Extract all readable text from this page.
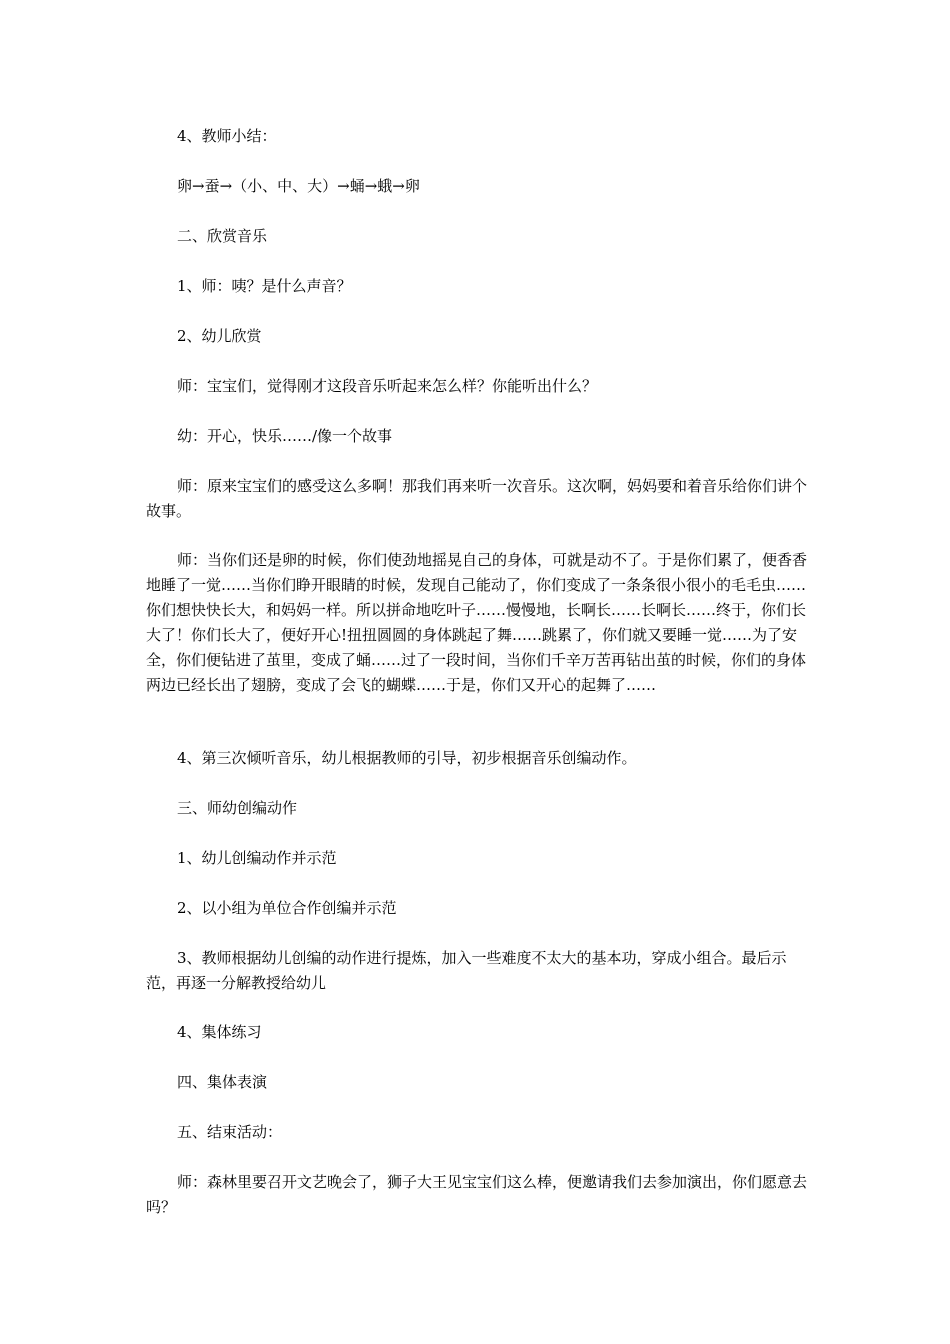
4、教师小结：

卵→蚕→（小、中、大）→蛹→蛾→卵

二、欣赏音乐

1、师：咦？是什么声音？

2、幼儿欣赏

师：宝宝们，觉得刚才这段音乐听起来怎么样？你能听出什么？

幼：开心，快乐……/像一个故事

师：原来宝宝们的感受这么多啊！那我们再来听一次音乐。这次啊，妈妈要和着音乐给你们讲个故事。

师：当你们还是卵的时候，你们使劲地摇晃自己的身体，可就是动不了。于是你们累了，便香香地睡了一觉……当你们睁开眼睛的时候，发现自己能动了，你们变成了一条条很小很小的毛毛虫……你们想快快长大，和妈妈一样。所以拼命地吃叶子……慢慢地，长啊长……长啊长……终于，你们长大了！你们长大了，便好开心!扭扭圆圆的身体跳起了舞……跳累了，你们就又要睡一觉……为了安全，你们便钻进了茧里，变成了蛹……过了一段时间，当你们千辛万苦再钻出茧的时候，你们的身体两边已经长出了翅膀，变成了会飞的蝴蝶……于是，你们又开心的起舞了……

4、第三次倾听音乐，幼儿根据教师的引导，初步根据音乐创编动作。

三、师幼创编动作

1、幼儿创编动作并示范

2、以小组为单位合作创编并示范

3、教师根据幼儿创编的动作进行提炼，加入一些难度不太大的基本功，穿成小组合。最后示范，再逐一分解教授给幼儿

4、集体练习

四、集体表演

五、结束活动：

师：森林里要召开文艺晚会了，狮子大王见宝宝们这么棒，便邀请我们去参加演出，你们愿意去吗？
